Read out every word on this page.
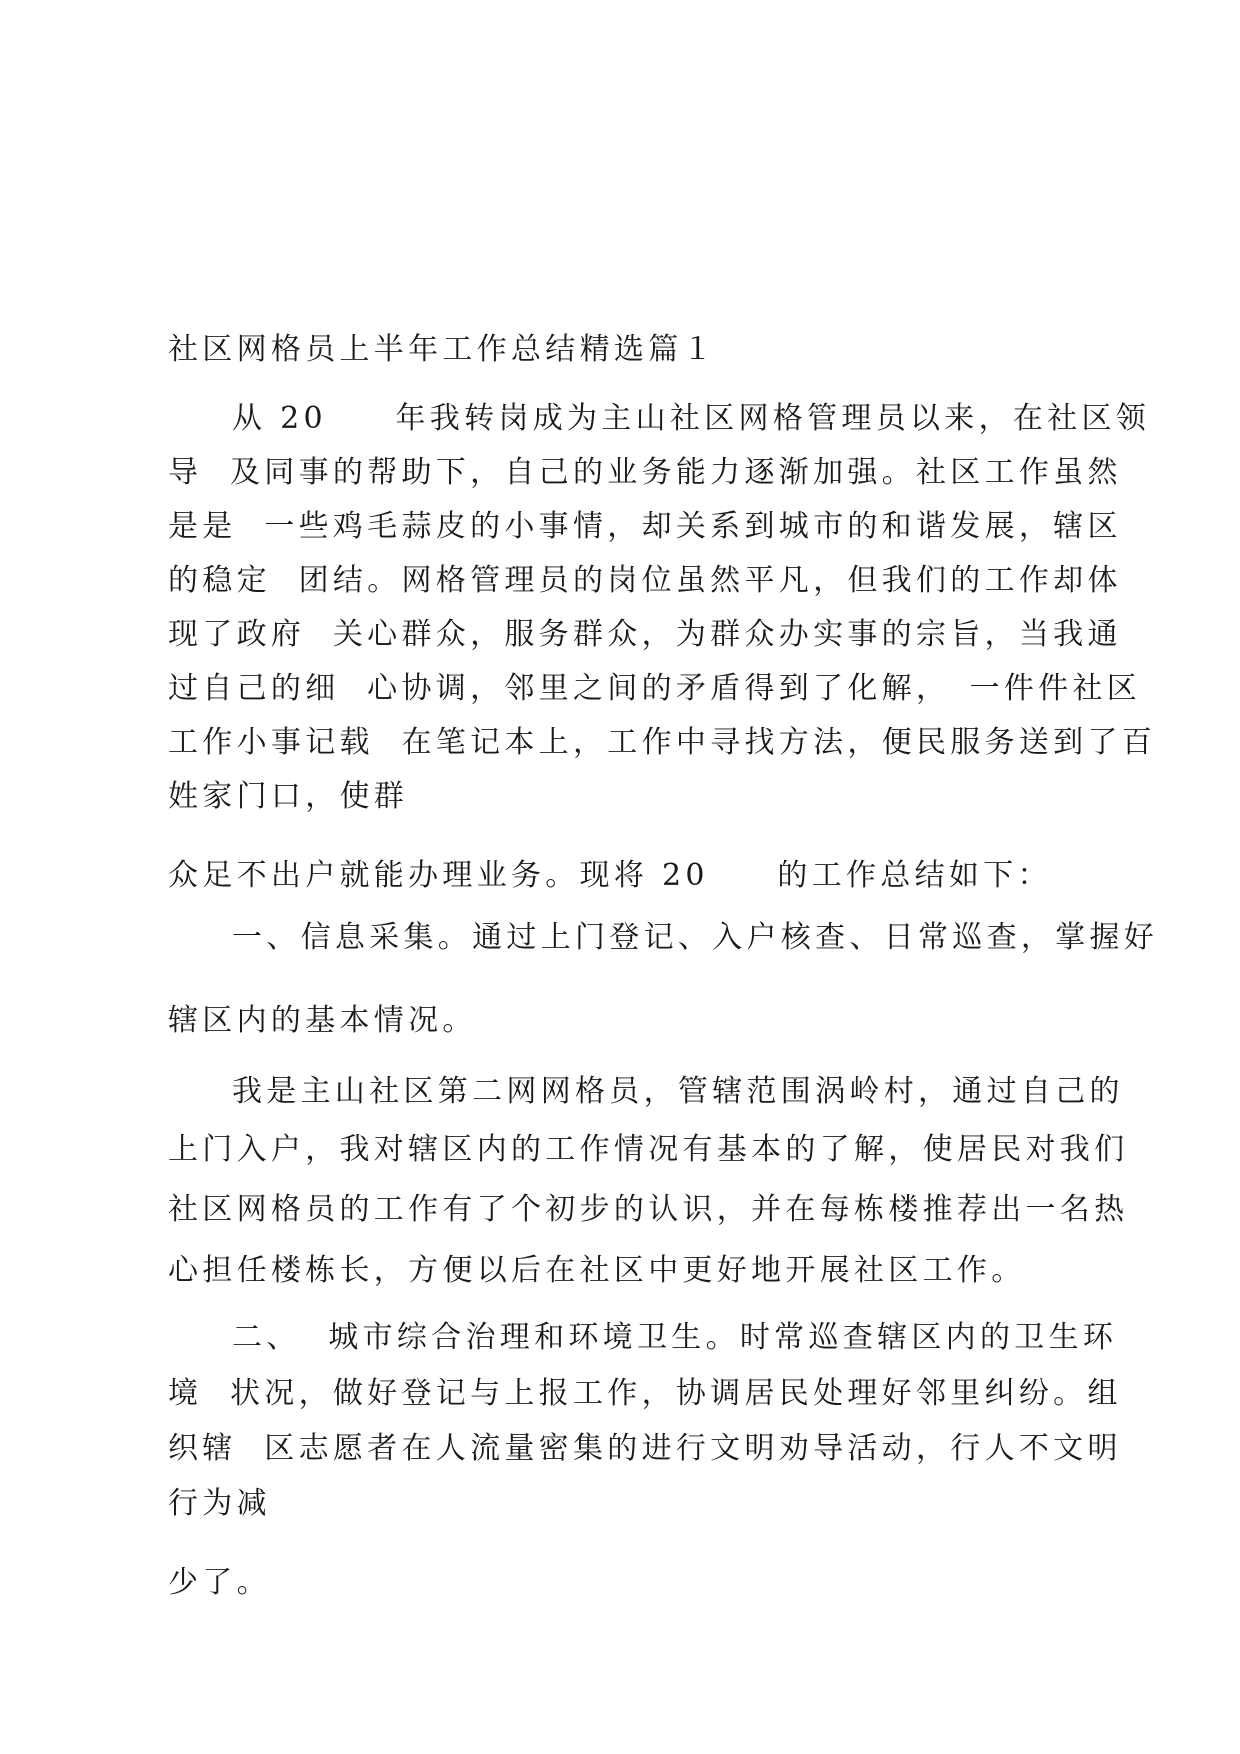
社区网格员上半年工作总结精选篇１

从 20　　年我转岗成为主山社区网格管理员以来，在社区领

导  及同事的帮助下，自己的业务能力逐渐加强。社区工作虽然

是是  一些鸡毛蒜皮的小事情，却关系到城市的和谐发展，辖区

的稳定  团结。网格管理员的岗位虽然平凡，但我们的工作却体

现了政府  关心群众，服务群众，为群众办实事的宗旨，当我通

过自己的细  心协调，邻里之间的矛盾得到了化解，　一件件社区

工作小事记载  在笔记本上，工作中寻找方法，便民服务送到了百

姓家门口，使群

众足不出户就能办理业务。现将 20　　的工作总结如下：

一、信息采集。通过上门登记、入户核查、日常巡查，掌握好

辖区内的基本情况。

我是主山社区第二网网格员，管辖范围涡岭村，通过自己的

上门入户，我对辖区内的工作情况有基本的了解，使居民对我们

社区网格员的工作有了个初步的认识，并在每栋楼推荐出一名热

心担任楼栋长，方便以后在社区中更好地开展社区工作。

二、  城市综合治理和环境卫生。时常巡查辖区内的卫生环

境  状况，做好登记与上报工作，协调居民处理好邻里纠纷。组

织辖  区志愿者在人流量密集的进行文明劝导活动，行人不文明

行为减

少了。
